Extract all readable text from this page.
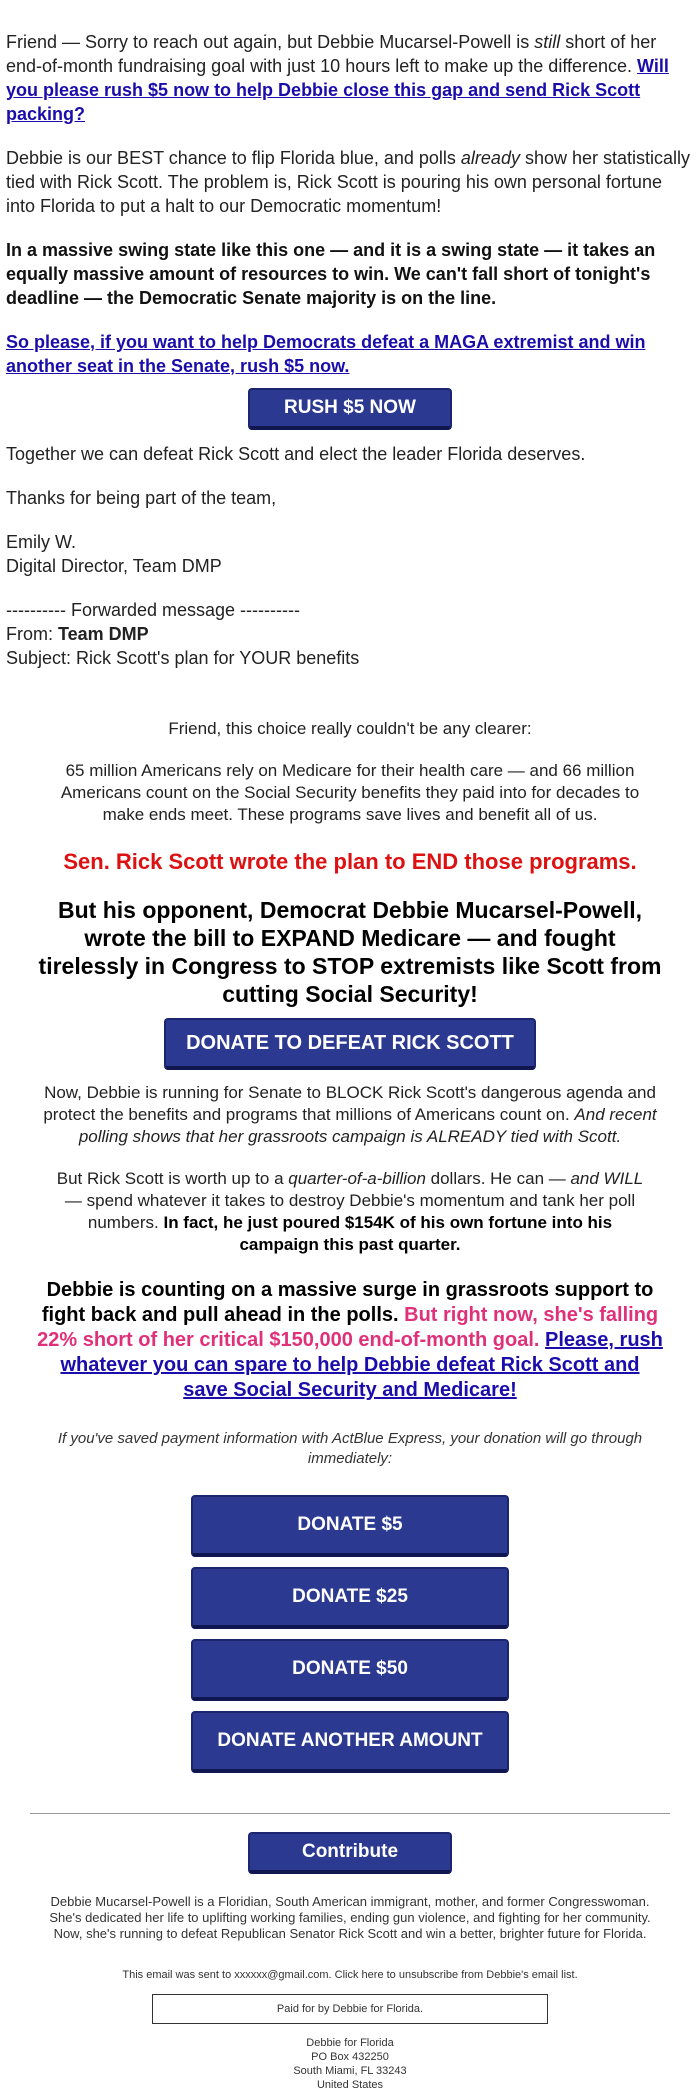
Friend — Sorry to reach out again, but Debbie Mucarsel-Powell is still short of her end-of-month fundraising goal with just 10 hours left to make up the difference. Will you please rush $5 now to help Debbie close this gap and send Rick Scott packing?

Debbie is our BEST chance to flip Florida blue, and polls already show her statistically tied with Rick Scott. The problem is, Rick Scott is pouring his own personal fortune into Florida to put a halt to our Democratic momentum!

In a massive swing state like this one — and it is a swing state — it takes an equally massive amount of resources to win. We can't fall short of tonight's deadline — the Democratic Senate majority is on the line.

So please, if you want to help Democrats defeat a MAGA extremist and win another seat in the Senate, rush $5 now.

RUSH $5 NOW

Together we can defeat Rick Scott and elect the leader Florida deserves.

Thanks for being part of the team,

Emily W.

Digital Director, Team DMP

---------- Forwarded message ----------

From: Team DMP

Subject: Rick Scott's plan for YOUR benefits

Friend, this choice really couldn't be any clearer:

65 million Americans rely on Medicare for their health care — and 66 million Americans count on the Social Security benefits they paid into for decades to make ends meet. These programs save lives and benefit all of us.

Sen. Rick Scott wrote the plan to END those programs.

But his opponent, Democrat Debbie Mucarsel-Powell, wrote the bill to EXPAND Medicare — and fought tirelessly in Congress to STOP extremists like Scott from cutting Social Security!

DONATE TO DEFEAT RICK SCOTT

Now, Debbie is running for Senate to BLOCK Rick Scott's dangerous agenda and protect the benefits and programs that millions of Americans count on. And recent polling shows that her grassroots campaign is ALREADY tied with Scott.

But Rick Scott is worth up to a quarter-of-a-billion dollars. He can — and WILL — spend whatever it takes to destroy Debbie's momentum and tank her poll numbers. In fact, he just poured $154K of his own fortune into his campaign this past quarter.

Debbie is counting on a massive surge in grassroots support to fight back and pull ahead in the polls. But right now, she's falling 22% short of her critical $150,000 end-of-month goal. Please, rush whatever you can spare to help Debbie defeat Rick Scott and save Social Security and Medicare!

If you've saved payment information with ActBlue Express, your donation will go through immediately:

DONATE $5
DONATE $25
DONATE $50
DONATE ANOTHER AMOUNT
Contribute

Debbie Mucarsel-Powell is a Floridian, South American immigrant, mother, and former Congresswoman. She's dedicated her life to uplifting working families, ending gun violence, and fighting for her community. Now, she's running to defeat Republican Senator Rick Scott and win a better, brighter future for Florida.

This email was sent to xxxxxx@gmail.com. Click here to unsubscribe from Debbie's email list.

Paid for by Debbie for Florida.
Debbie for Florida
PO Box 432250
South Miami, FL 33243
United States
